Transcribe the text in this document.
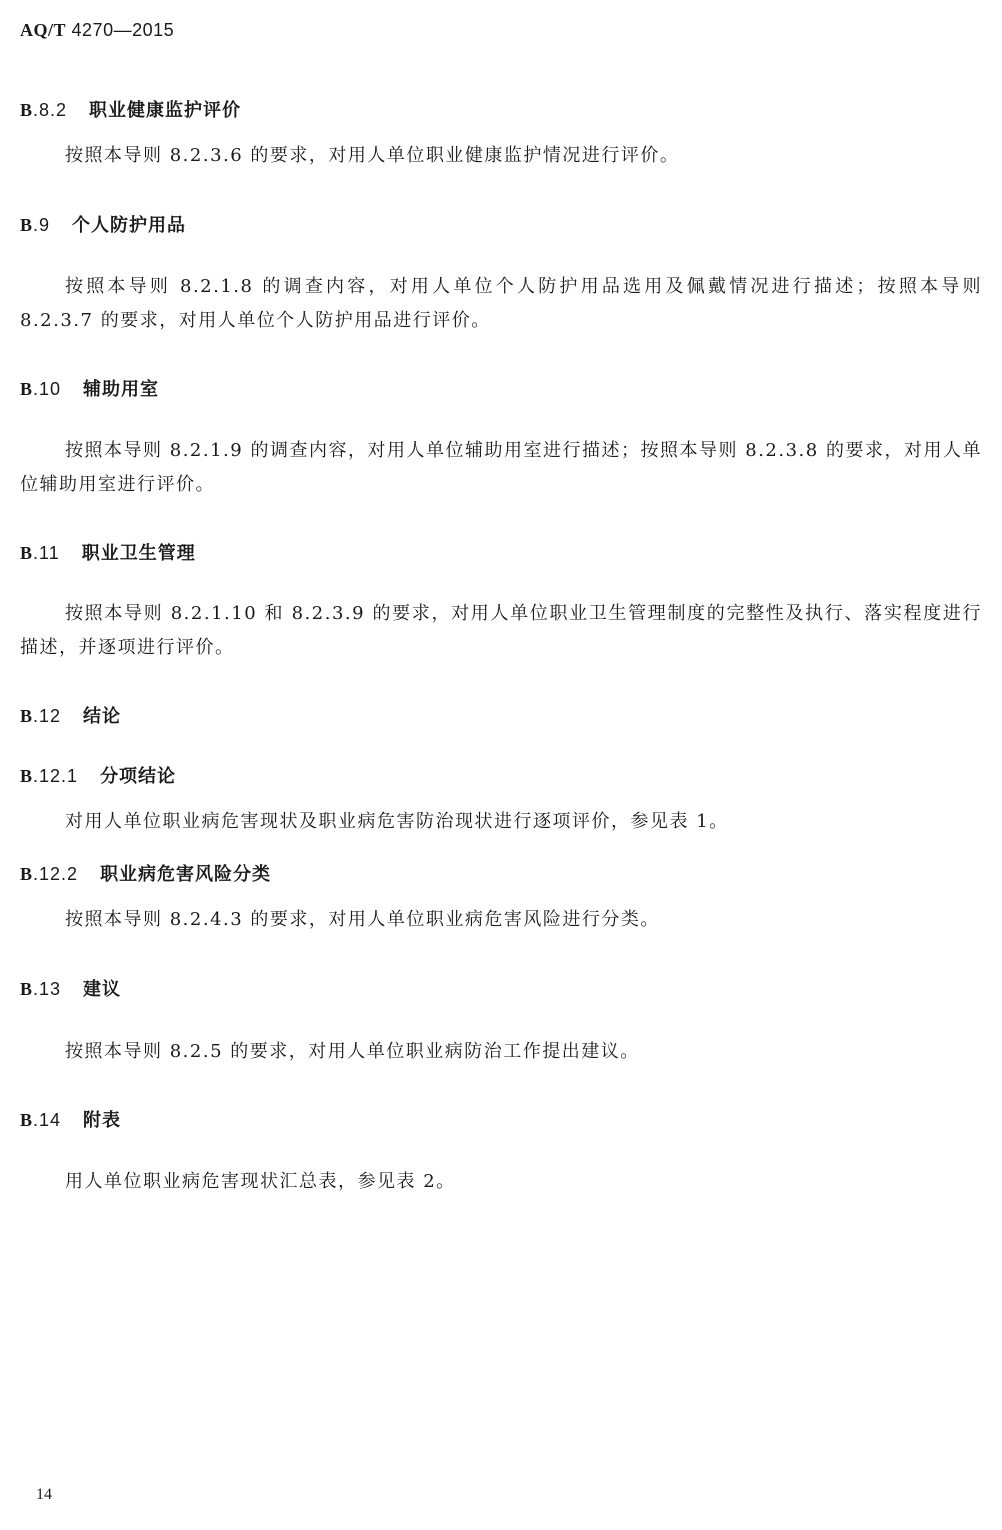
AQ/T 4270—2015
B.8.2 职业健康监护评价
按照本导则 8.2.3.6 的要求，对用人单位职业健康监护情况进行评价。
B.9 个人防护用品
按照本导则 8.2.1.8 的调查内容，对用人单位个人防护用品选用及佩戴情况进行描述；按照本导则 8.2.3.7 的要求，对用人单位个人防护用品进行评价。
B.10 辅助用室
按照本导则 8.2.1.9 的调查内容，对用人单位辅助用室进行描述；按照本导则 8.2.3.8 的要求，对用人单位辅助用室进行评价。
B.11 职业卫生管理
按照本导则 8.2.1.10 和 8.2.3.9 的要求，对用人单位职业卫生管理制度的完整性及执行、落实程度进行描述，并逐项进行评价。
B.12 结论
B.12.1 分项结论
对用人单位职业病危害现状及职业病危害防治现状进行逐项评价，参见表 1。
B.12.2 职业病危害风险分类
按照本导则 8.2.4.3 的要求，对用人单位职业病危害风险进行分类。
B.13 建议
按照本导则 8.2.5 的要求，对用人单位职业病防治工作提出建议。
B.14 附表
用人单位职业病危害现状汇总表，参见表 2。
14
